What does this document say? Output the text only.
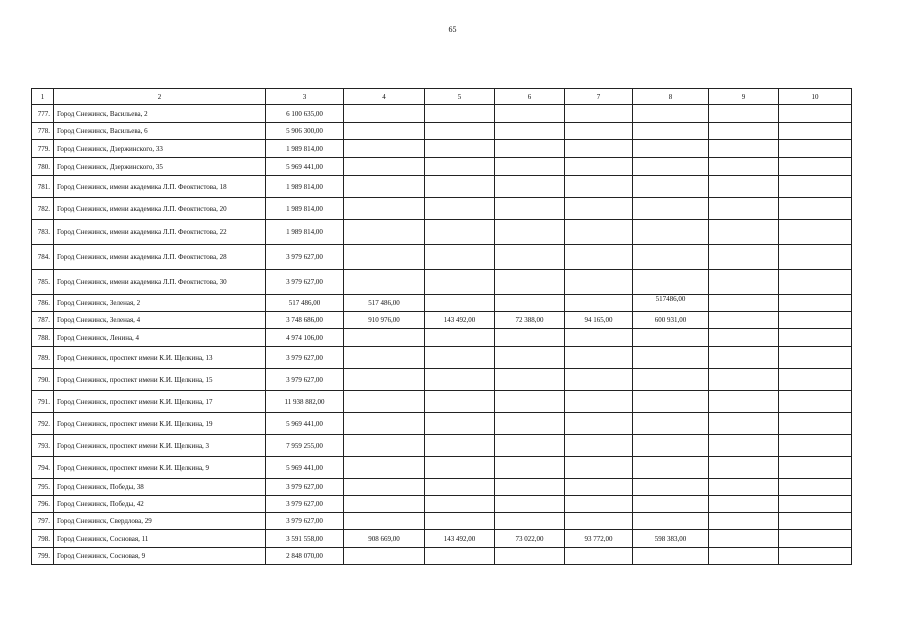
65
1	2	3	4	5	6	7	8	9	10
777.	Город Снежинск, Васильева, 2	6 100 635,00							
778.	Город Снежинск, Васильева, 6	5 906 300,00							
779.	Город Снежинск, Дзержинского, 33	1 989 814,00							
780.	Город Снежинск, Дзержинского, 35	5 969 441,00							
781.	Город Снежинск, имени академика Л.П. Феоктистова, 18	1 989 814,00							
782.	Город Снежинск, имени академика Л.П. Феоктистова, 20	1 989 814,00							
783.	Город Снежинск, имени академика Л.П. Феоктистова, 22	1 989 814,00							
784.	Город Снежинск, имени академика Л.П. Феоктистова, 28	3 979 627,00							
785.	Город Снежинск, имени академика Л.П. Феоктистова, 30	3 979 627,00							
786.	Город Снежинск, Зеленая, 2	517 486,00	517 486,00				517486,00		
787.	Город Снежинск, Зеленая, 4	3 748 686,00	910 976,00	143 492,00	72 388,00	94 165,00	600 931,00		
788.	Город Снежинск, Ленина, 4	4 974 106,00							
789.	Город Снежинск, проспект имени К.И. Щелкина, 13	3 979 627,00							
790.	Город Снежинск, проспект имени К.И. Щелкина, 15	3 979 627,00							
791.	Город Снежинск, проспект имени К.И. Щелкина, 17	11 938 882,00							
792.	Город Снежинск, проспект имени К.И. Щелкина, 19	5 969 441,00							
793.	Город Снежинск, проспект имени К.И. Щелкина, 3	7 959 255,00							
794.	Город Снежинск, проспект имени К.И. Щелкина, 9	5 969 441,00							
795.	Город Снежинск, Победы, 38	3 979 627,00							
796.	Город Снежинск, Победы, 42	3 979 627,00							
797.	Город Снежинск, Свердлова, 29	3 979 627,00							
798.	Город Снежинск, Сосновая, 11	3 591 558,00	908 669,00	143 492,00	73 022,00	93 772,00	598 383,00		
799.	Город Снежинск, Сосновая, 9	2 848 070,00							
